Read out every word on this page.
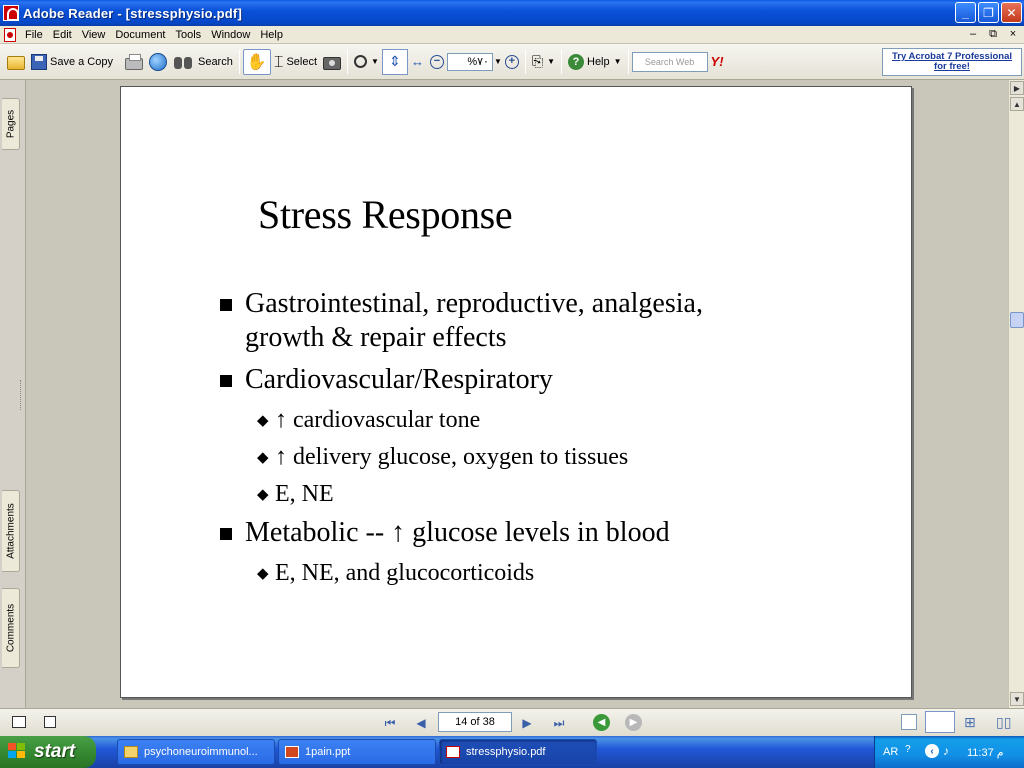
Adobe Reader - [stressphysio.pdf]	_	❐	✕
File Edit View Document Tools Window Help	–	⧉	×
Save a Copy	Search ✋ ⌶ Select	▼ ⇕ ↔ −	%٧٠ ▼ + ⎘ ▼	? Help ▼	Search Web	Y!	Try Acrobat 7 Professional
for free!
Pages
Attachments
Comments
Stress Response
Gastrointestinal, reproductive, analgesia,
growth & repair effects
Cardiovascular/Respiratory
◆ ↑ cardiovascular tone
◆ ↑ delivery glucose, oxygen to tissues
◆ E, NE
Metabolic -- ↑ glucose levels in blood
◆ E, NE, and glucocorticoids
▶
▲
▼
⏮ ◀	14 of 38	▶ ⏭	◀ ▶	⊞	▯▯
start	psychoneuroimmunol...	1pain.ppt	stressphysio.pdf	AR ?	‹ ♪ 11:37 م
